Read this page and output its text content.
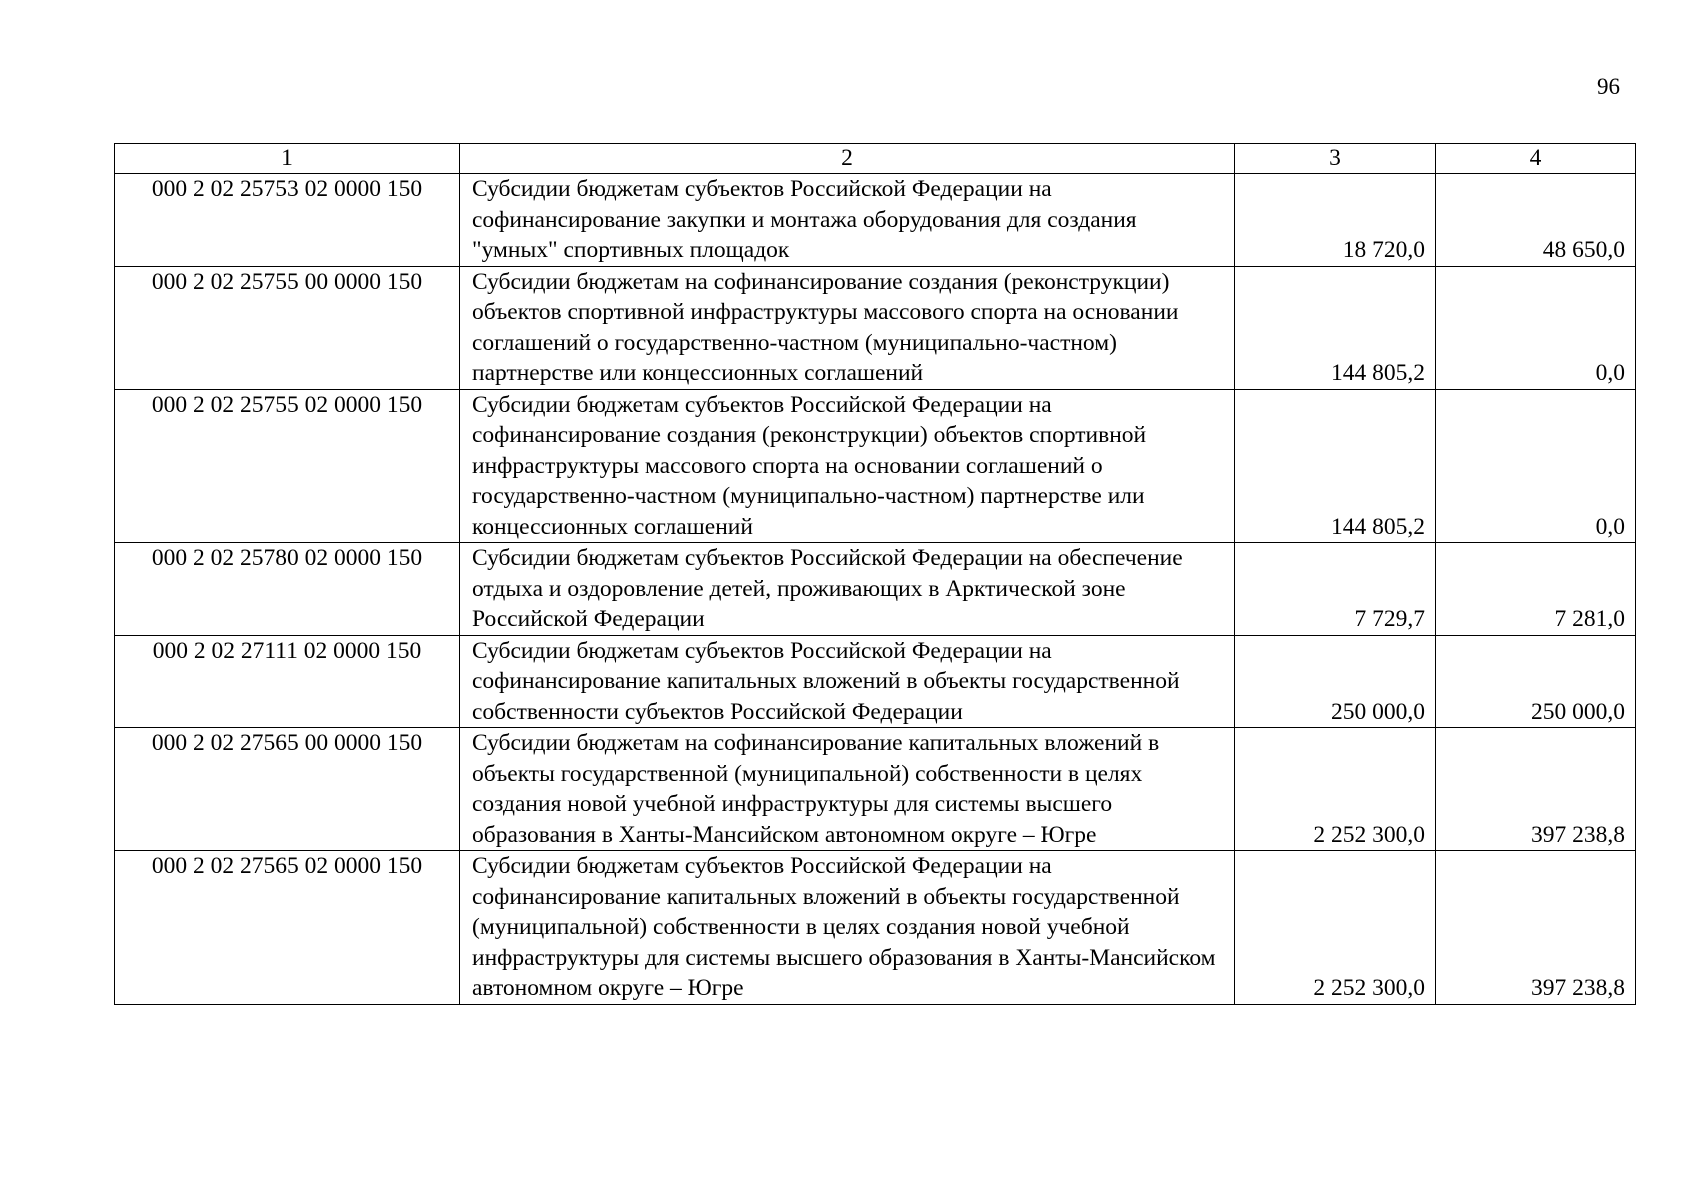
96
1	2	3	4
000 2 02 25753 02 0000 150	Субсидии бюджетам субъектов Российской Федерации на софинансирование закупки и монтажа оборудования для создания "умных" спортивных площадок	18 720,0	48 650,0
000 2 02 25755 00 0000 150	Субсидии бюджетам на софинансирование создания (реконструкции) объектов спортивной инфраструктуры массового спорта на основании соглашений о государственно-частном (муниципально-частном) партнерстве или концессионных соглашений	144 805,2	0,0
000 2 02 25755 02 0000 150	Субсидии бюджетам субъектов Российской Федерации на софинансирование создания (реконструкции) объектов спортивной инфраструктуры массового спорта на основании соглашений о государственно-частном (муниципально-частном) партнерстве или концессионных соглашений	144 805,2	0,0
000 2 02 25780 02 0000 150	Субсидии бюджетам субъектов Российской Федерации на обеспечение отдыха и оздоровление детей, проживающих в Арктической зоне Российской Федерации	7 729,7	7 281,0
000 2 02 27111 02 0000 150	Субсидии бюджетам субъектов Российской Федерации на софинансирование капитальных вложений в объекты государственной собственности субъектов Российской Федерации	250 000,0	250 000,0
000 2 02 27565 00 0000 150	Субсидии бюджетам на софинансирование капитальных вложений в объекты государственной (муниципальной) собственности в целях создания новой учебной инфраструктуры для системы высшего образования в Ханты-Мансийском автономном округе – Югре	2 252 300,0	397 238,8
000 2 02 27565 02 0000 150	Субсидии бюджетам субъектов Российской Федерации на софинансирование капитальных вложений в объекты государственной (муниципальной) собственности в целях создания новой учебной инфраструктуры для системы высшего образования в Ханты-Мансийском автономном округе – Югре	2 252 300,0	397 238,8
